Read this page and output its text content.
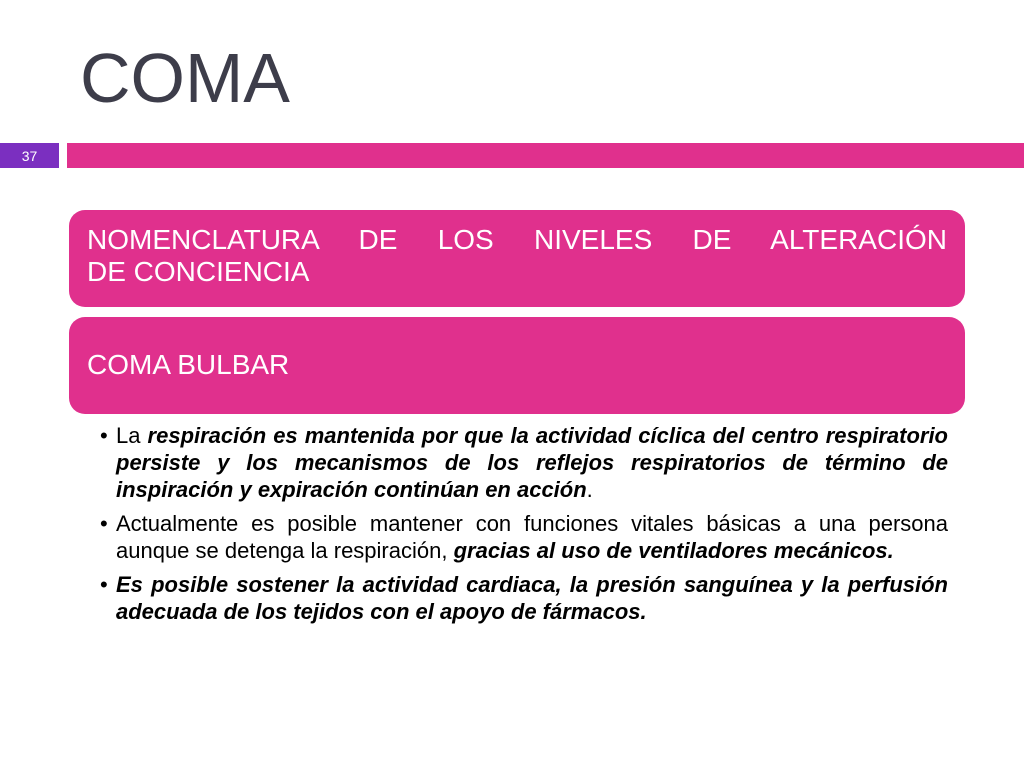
COMA
37
NOMENCLATURA DE LOS NIVELES DE ALTERACIÓN
DE CONCIENCIA
COMA BULBAR
• La respiración es mantenida por que la actividad cíclica del centro respiratorio persiste y los mecanismos de los reflejos respiratorios de término de inspiración y expiración continúan en acción.
• Actualmente es posible mantener con funciones vitales básicas a una persona aunque se detenga la respiración, gracias al uso de ventiladores mecánicos.
• Es posible sostener la actividad cardiaca, la presión sanguínea y la perfusión adecuada de los tejidos con el apoyo de fármacos.
